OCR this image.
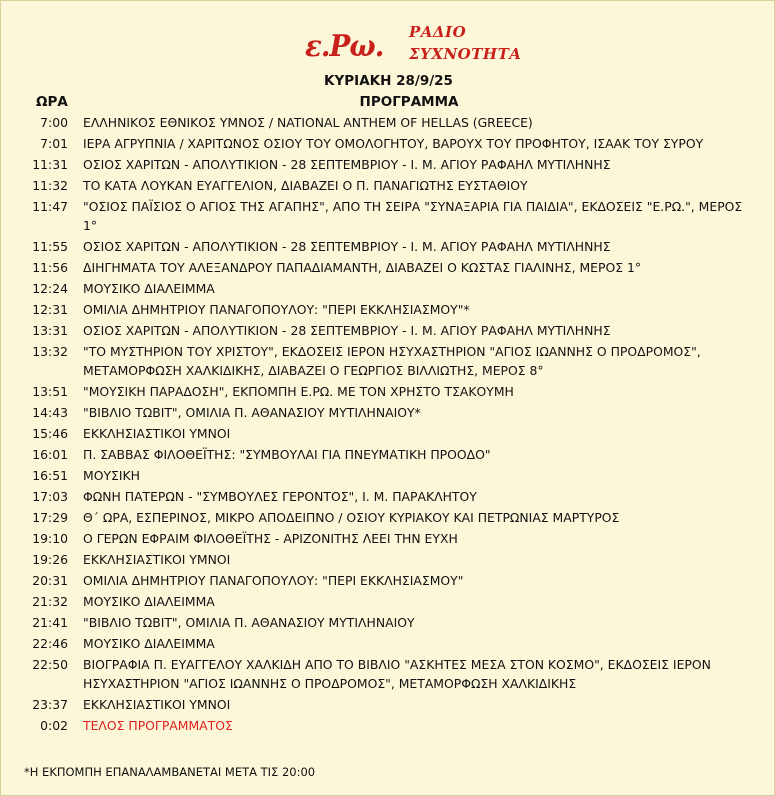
ε.Ρω. ΡΑΔΙΟ
ΣΥΧΝΟΤΗΤΑ
ΚΥΡΙΑΚΗ 28/9/25
ΩΡΑ	ΠΡΟΓΡΑΜΜΑ
7:00 ΕΛΛΗΝΙΚΟΣ ΕΘΝΙΚΟΣ ΥΜΝΟΣ / NATIONAL ANTHEM OF HELLAS (GREECE)
7:01 ΙΕΡΑ ΑΓΡΥΠΝΙΑ / ΧΑΡΙΤΩΝΟΣ ΟΣΙΟΥ ΤΟΥ ΟΜΟΛΟΓΗΤΟΥ, ΒΑΡΟΥΧ ΤΟΥ ΠΡΟΦΗΤΟΥ, ΙΣΑΑΚ ΤΟΥ ΣΥΡΟΥ
11:31 ΟΣΙΟΣ ΧΑΡΙΤΩΝ - ΑΠΟΛΥΤΙΚΙΟΝ - 28 ΣΕΠΤΕΜΒΡΙΟΥ - Ι. Μ. ΑΓΙΟΥ ΡΑΦΑΗΛ ΜΥΤΙΛΗΝΗΣ
11:32 ΤΟ ΚΑΤΑ ΛΟΥΚΑΝ ΕΥΑΓΓΕΛΙΟΝ, ΔΙΑΒΑΖΕΙ Ο Π. ΠΑΝΑΓΙΩΤΗΣ ΕΥΣΤΑΘΙΟΥ
11:47 "ΟΣΙΟΣ ΠΑΪΣΙΟΣ Ο ΑΓΙΟΣ ΤΗΣ ΑΓΑΠΗΣ", ΑΠΟ ΤΗ ΣΕΙΡΑ "ΣΥΝΑΞΑΡΙΑ ΓΙΑ ΠΑΙΔΙΑ", ΕΚΔΟΣΕΙΣ "Ε.ΡΩ.", ΜΕΡΟΣ 1°
11:55 ΟΣΙΟΣ ΧΑΡΙΤΩΝ - ΑΠΟΛΥΤΙΚΙΟΝ - 28 ΣΕΠΤΕΜΒΡΙΟΥ - Ι. Μ. ΑΓΙΟΥ ΡΑΦΑΗΛ ΜΥΤΙΛΗΝΗΣ
11:56 ΔΙΗΓΗΜΑΤΑ ΤΟΥ ΑΛΕΞΑΝΔΡΟΥ ΠΑΠΑΔΙΑΜΑΝΤΗ, ΔΙΑΒΑΖΕΙ Ο ΚΩΣΤΑΣ ΓΙΑΛΙΝΗΣ, ΜΕΡΟΣ 1°
12:24 ΜΟΥΣΙΚΟ ΔΙΑΛΕΙΜΜΑ
12:31 ΟΜΙΛΙΑ ΔΗΜΗΤΡΙΟΥ ΠΑΝΑΓΟΠΟΥΛΟΥ: "ΠΕΡΙ ΕΚΚΛΗΣΙΑΣΜΟΥ"*
13:31 ΟΣΙΟΣ ΧΑΡΙΤΩΝ - ΑΠΟΛΥΤΙΚΙΟΝ - 28 ΣΕΠΤΕΜΒΡΙΟΥ - Ι. Μ. ΑΓΙΟΥ ΡΑΦΑΗΛ ΜΥΤΙΛΗΝΗΣ
13:32 "ΤΟ ΜΥΣΤΗΡΙΟΝ ΤΟΥ ΧΡΙΣΤΟΥ", ΕΚΔΟΣΕΙΣ ΙΕΡΟΝ ΗΣΥΧΑΣΤΗΡΙΟΝ "ΑΓΙΟΣ ΙΩΑΝΝΗΣ Ο ΠΡΟΔΡΟΜΟΣ", ΜΕΤΑΜΟΡΦΩΣΗ ΧΑΛΚΙΔΙΚΗΣ, ΔΙΑΒΑΖΕΙ Ο ΓΕΩΡΓΙΟΣ ΒΙΛΛΙΩΤΗΣ, ΜΕΡΟΣ 8°
13:51 "ΜΟΥΣΙΚΗ ΠΑΡΑΔΟΣΗ", ΕΚΠΟΜΠΗ Ε.ΡΩ. ΜΕ ΤΟΝ ΧΡΗΣΤΟ ΤΣΑΚΟΥΜΗ
14:43 "ΒΙΒΛΙΟ ΤΩΒΙΤ", ΟΜΙΛΙΑ Π. ΑΘΑΝΑΣΙΟΥ ΜΥΤΙΛΗΝΑΙΟΥ*
15:46 ΕΚΚΛΗΣΙΑΣΤΙΚΟΙ ΥΜΝΟΙ
16:01 Π. ΣΑΒΒΑΣ ΦΙΛΟΘΕΪΤΗΣ: "ΣΥΜΒΟΥΛΑΙ ΓΙΑ ΠΝΕΥΜΑΤΙΚΗ ΠΡΟΟΔΟ"
16:51 ΜΟΥΣΙΚΗ
17:03 ΦΩΝΗ ΠΑΤΕΡΩΝ - "ΣΥΜΒΟΥΛΕΣ ΓΕΡΟΝΤΟΣ", Ι. Μ. ΠΑΡΑΚΛΗΤΟΥ
17:29 Θ΄ ΩΡΑ, ΕΣΠΕΡΙΝΟΣ, ΜΙΚΡΟ ΑΠΟΔΕΙΠΝΟ / ΟΣΙΟΥ ΚΥΡΙΑΚΟΥ ΚΑΙ ΠΕΤΡΩΝΙΑΣ ΜΑΡΤΥΡΟΣ
19:10 Ο ΓΕΡΩΝ ΕΦΡΑΙΜ ΦΙΛΟΘΕΪΤΗΣ - ΑΡΙΖΟΝΙΤΗΣ ΛΕΕΙ ΤΗΝ ΕΥΧΗ
19:26 ΕΚΚΛΗΣΙΑΣΤΙΚΟΙ ΥΜΝΟΙ
20:31 ΟΜΙΛΙΑ ΔΗΜΗΤΡΙΟΥ ΠΑΝΑΓΟΠΟΥΛΟΥ: "ΠΕΡΙ ΕΚΚΛΗΣΙΑΣΜΟΥ"
21:32 ΜΟΥΣΙΚΟ ΔΙΑΛΕΙΜΜΑ
21:41 "ΒΙΒΛΙΟ ΤΩΒΙΤ", ΟΜΙΛΙΑ Π. ΑΘΑΝΑΣΙΟΥ ΜΥΤΙΛΗΝΑΙΟΥ
22:46 ΜΟΥΣΙΚΟ ΔΙΑΛΕΙΜΜΑ
22:50 ΒΙΟΓΡΑΦΙΑ Π. ΕΥΑΓΓΕΛΟΥ ΧΑΛΚΙΔΗ ΑΠΟ ΤΟ ΒΙΒΛΙΟ "ΑΣΚΗΤΕΣ ΜΕΣΑ ΣΤΟΝ ΚΟΣΜΟ", ΕΚΔΟΣΕΙΣ ΙΕΡΟΝ ΗΣΥΧΑΣΤΗΡΙΟΝ "ΑΓΙΟΣ ΙΩΑΝΝΗΣ Ο ΠΡΟΔΡΟΜΟΣ", ΜΕΤΑΜΟΡΦΩΣΗ ΧΑΛΚΙΔΙΚΗΣ
23:37 ΕΚΚΛΗΣΙΑΣΤΙΚΟΙ ΥΜΝΟΙ
0:02 ΤΕΛΟΣ ΠΡΟΓΡΑΜΜΑΤΟΣ
*Η ΕΚΠΟΜΠΗ ΕΠΑΝΑΛΑΜΒΑΝΕΤΑΙ ΜΕΤΑ ΤΙΣ 20:00
